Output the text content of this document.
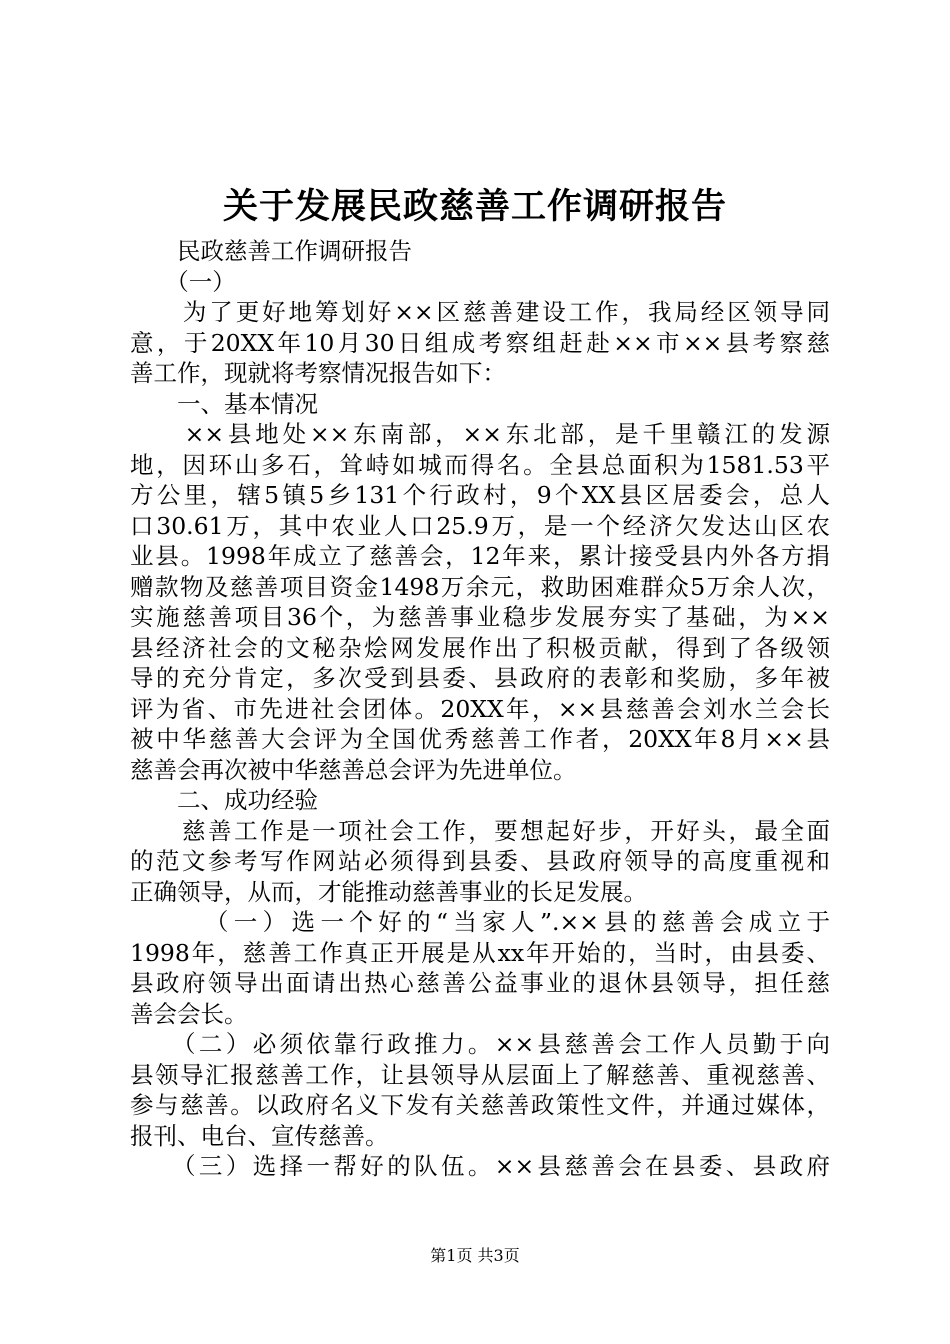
关于发展民政慈善工作调研报告
　　民政慈善工作调研报告
　　（一）
　　为了更好地筹划好××区慈善建设工作，我局经区领导同
意，于20XX年10月30日组成考察组赶赴××市××县考察慈
善工作，现就将考察情况报告如下：
　　一、基本情况
　　××县地处××东南部，××东北部，是千里赣江的发源
地，因环山多石，耸峙如城而得名。全县总面积为1581.53平
方公里，辖5镇5乡131个行政村，9个XX县区居委会，总人
口30.61万，其中农业人口25.9万，是一个经济欠发达山区农
业县。1998年成立了慈善会，12年来，累计接受县内外各方捐
赠款物及慈善项目资金1498万余元，救助困难群众5万余人次，
实施慈善项目36个，为慈善事业稳步发展夯实了基础，为××
县经济社会的文秘杂烩网发展作出了积极贡献，得到了各级领
导的充分肯定，多次受到县委、县政府的表彰和奖励，多年被
评为省、市先进社会团体。20XX年，××县慈善会刘水兰会长
被中华慈善大会评为全国优秀慈善工作者，20XX年8月××县
慈善会再次被中华慈善总会评为先进单位。
　　二、成功经验
　　慈善工作是一项社会工作，要想起好步，开好头，最全面
的范文参考写作网站必须得到县委、县政府领导的高度重视和
正确领导，从而，才能推动慈善事业的长足发展。
　　　（一）选一个好的“当家人”.××县的慈善会成立于
1998年，慈善工作真正开展是从xx年开始的，当时，由县委、
县政府领导出面请出热心慈善公益事业的退休县领导，担任慈
善会会长。
　　（二）必须依靠行政推力。××县慈善会工作人员勤于向
县领导汇报慈善工作，让县领导从层面上了解慈善、重视慈善、
参与慈善。以政府名义下发有关慈善政策性文件，并通过媒体，
报刊、电台、宣传慈善。
　　（三）选择一帮好的队伍。××县慈善会在县委、县政府
第1页 共3页
